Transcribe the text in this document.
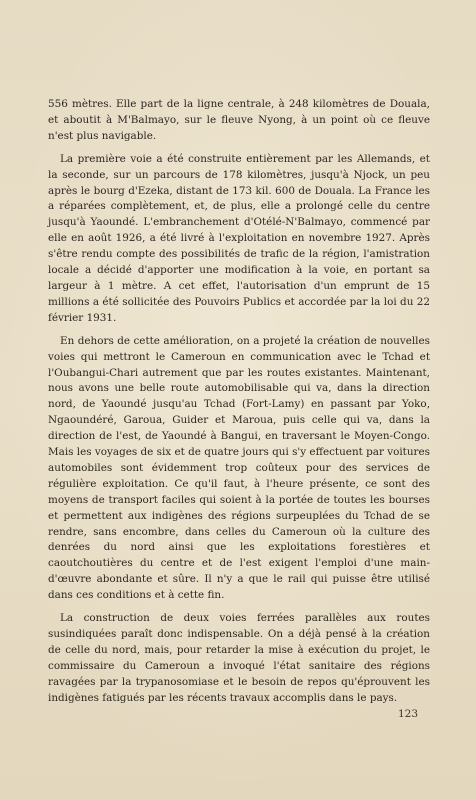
556 mètres. Elle part de la ligne centrale, à 248 kilomètres de Douala, et aboutit à M'Balmayo, sur le fleuve Nyong, à un point où ce fleuve n'est plus navigable.

La première voie a été construite entièrement par les Allemands, et la seconde, sur un parcours de 178 kilomètres, jusqu'à Njock, un peu après le bourg d'Ezeka, distant de 173 kil. 600 de Douala. La France les a réparées complètement, et, de plus, elle a prolongé celle du centre jusqu'à Yaoundé. L'embranchement d'Otélé-N'Balmayo, commencé par elle en août 1926, a été livré à l'exploitation en novembre 1927. Après s'être rendu compte des possibilités de trafic de la région, l'amistration locale a décidé d'apporter une modification à la voie, en portant sa largeur à 1 mètre. A cet effet, l'autorisation d'un emprunt de 15 millions a été sollicitée des Pouvoirs Publics et accordée par la loi du 22 février 1931.

En dehors de cette amélioration, on a projeté la création de nouvelles voies qui mettront le Cameroun en communication avec le Tchad et l'Oubangui-Chari autrement que par les routes existantes. Maintenant, nous avons une belle route automobilisable qui va, dans la direction nord, de Yaoundé jusqu'au Tchad (Fort-Lamy) en passant par Yoko, Ngaoundéré, Garoua, Guider et Maroua, puis celle qui va, dans la direction de l'est, de Yaoundé à Bangui, en traversant le Moyen-Congo. Mais les voyages de six et de quatre jours qui s'y effectuent par voitures automobiles sont évidemment trop coûteux pour des services de régulière exploitation. Ce qu'il faut, à l'heure présente, ce sont des moyens de transport faciles qui soient à la portée de toutes les bourses et permettent aux indigènes des régions surpeuplées du Tchad de se rendre, sans encombre, dans celles du Cameroun où la culture des denrées du nord ainsi que les exploitations forestières et caoutchoutières du centre et de l'est exigent l'emploi d'une main-d'œuvre abondante et sûre. Il n'y a que le rail qui puisse être utilisé dans ces conditions et à cette fin.

La construction de deux voies ferrées parallèles aux routes susindiquées paraît donc indispensable. On a déjà pensé à la création de celle du nord, mais, pour retarder la mise à exécution du projet, le commissaire du Cameroun a invoqué l'état sanitaire des régions ravagées par la trypanosomiase et le besoin de repos qu'éprouvent les indigènes fatigués par les récents travaux accomplis dans le pays.

123
